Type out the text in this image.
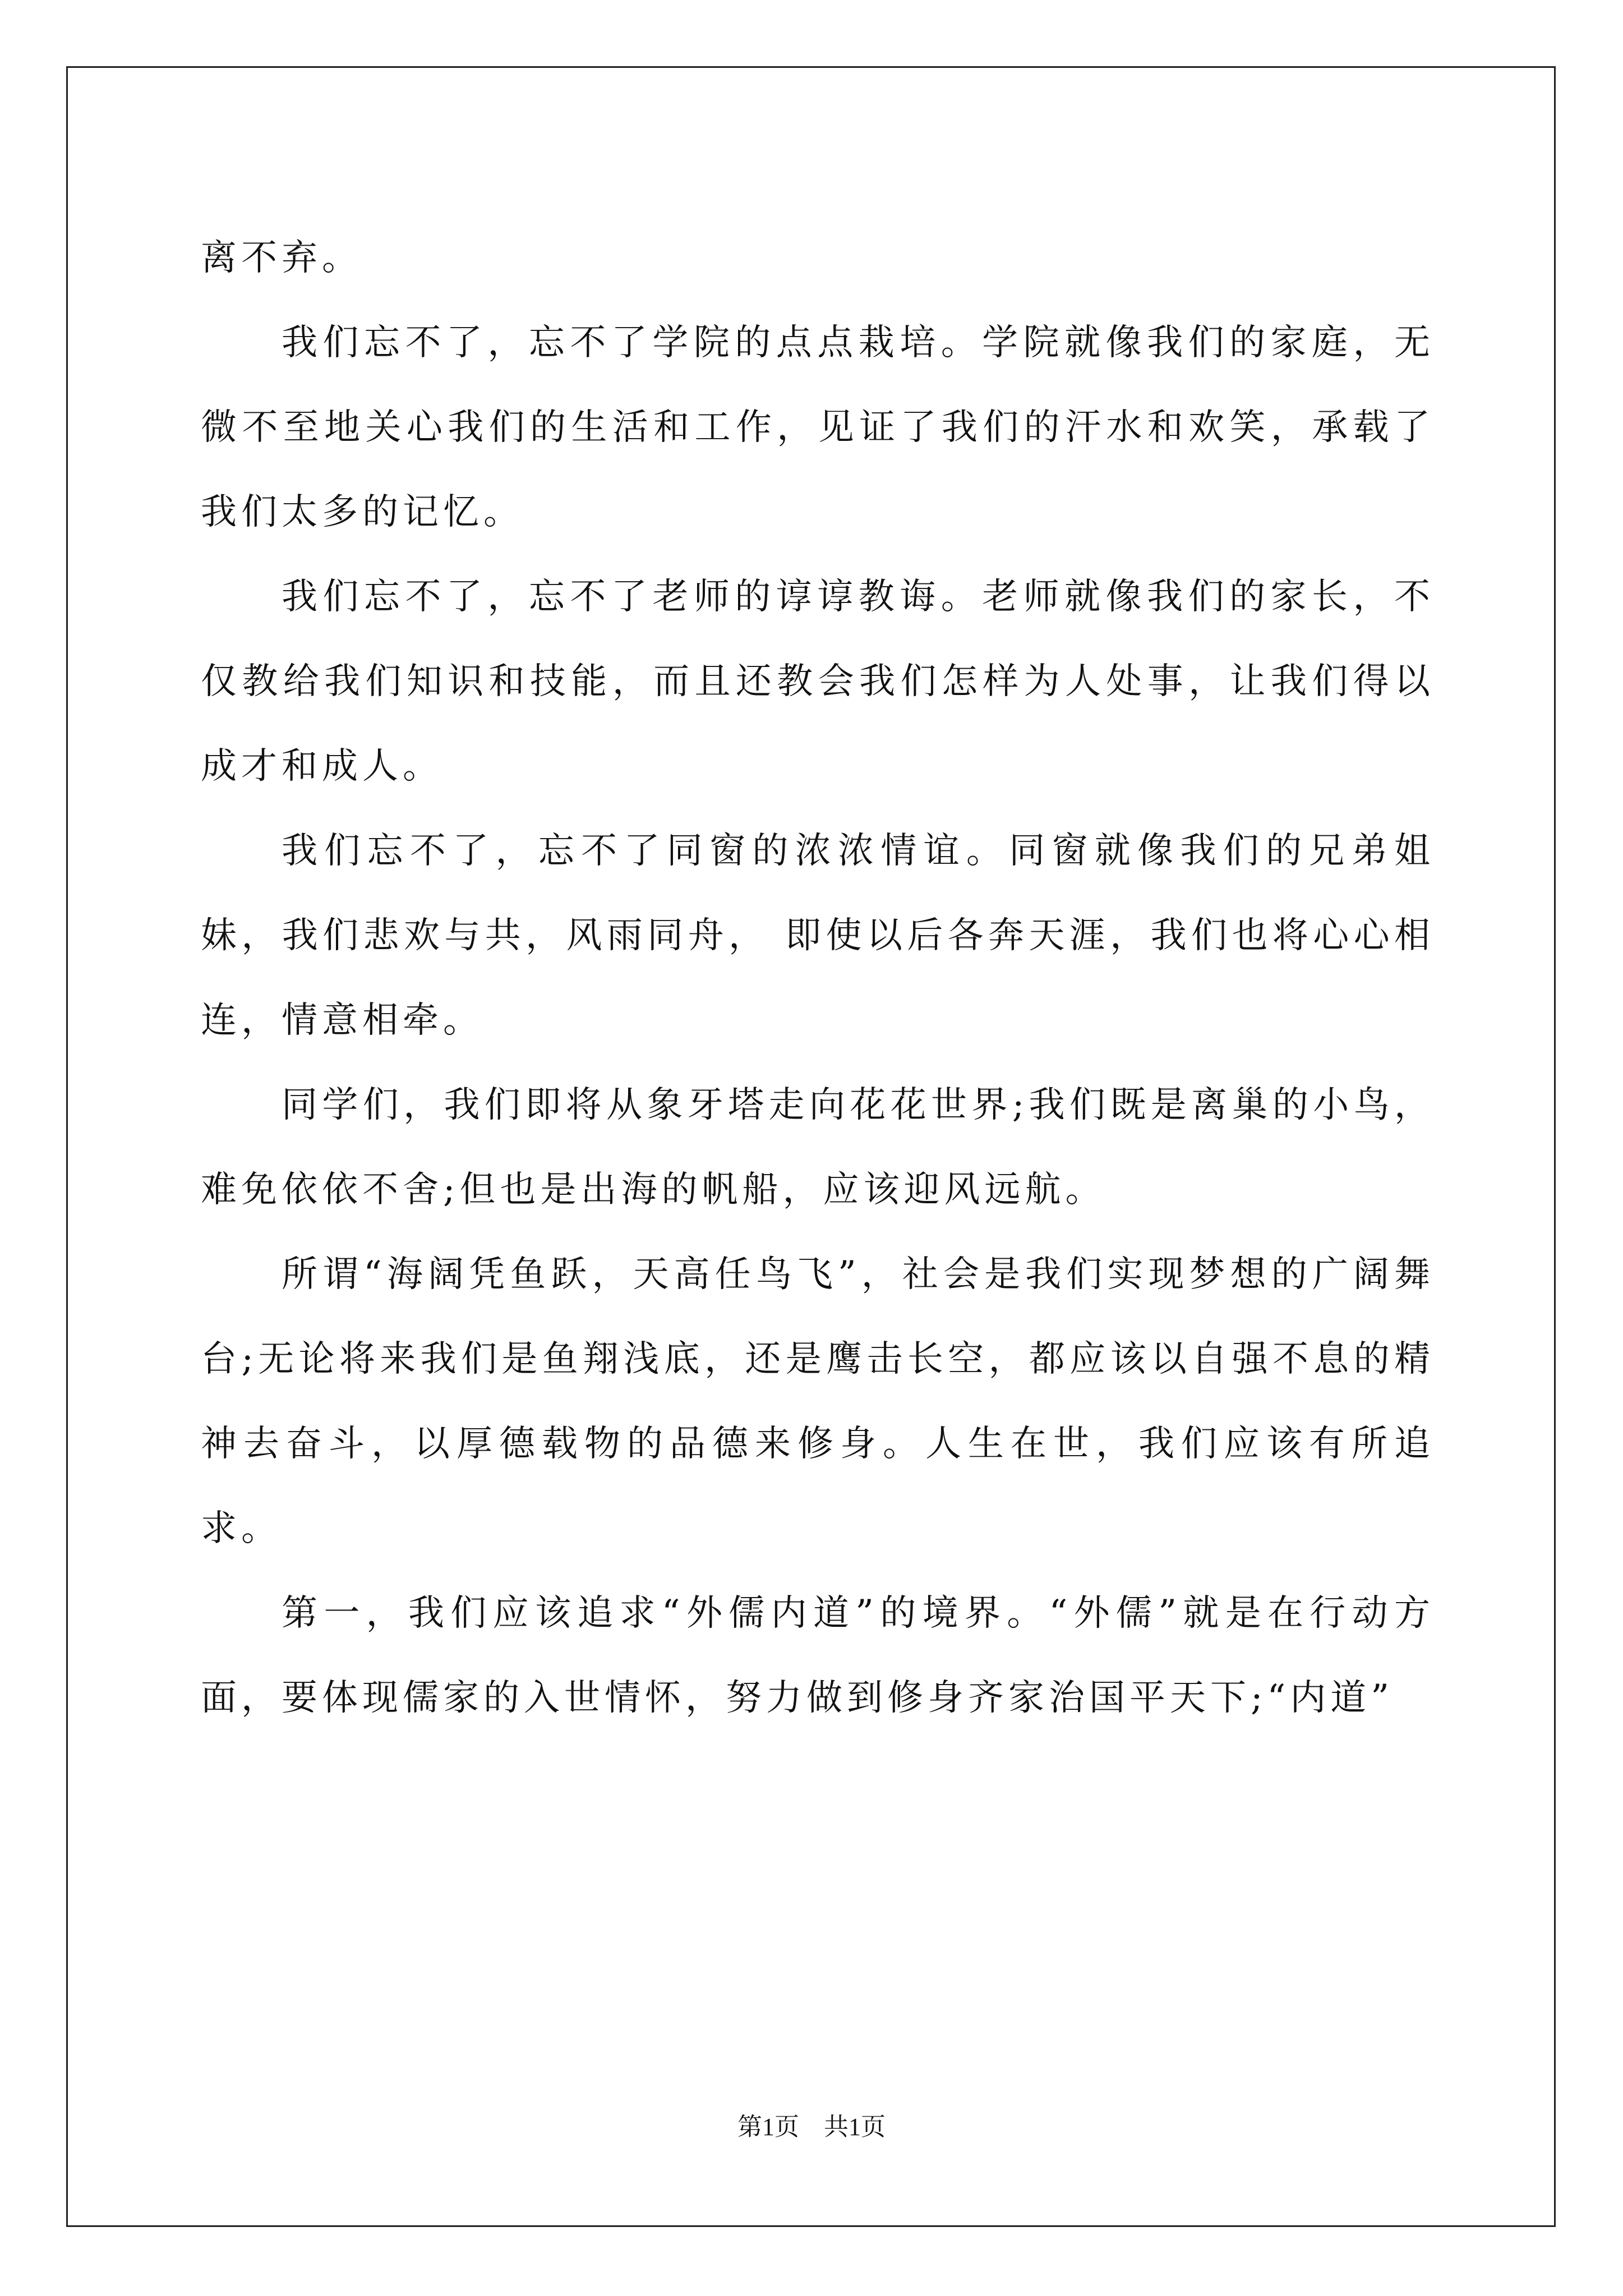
离不弃。

我们忘不了，忘不了学院的点点栽培。学院就像我们的家庭，无微不至地关心我们的生活和工作，见证了我们的汗水和欢笑，承载了我们太多的记忆。

我们忘不了，忘不了老师的谆谆教诲。老师就像我们的家长，不仅教给我们知识和技能，而且还教会我们怎样为人处事，让我们得以成才和成人。

我们忘不了，忘不了同窗的浓浓情谊。同窗就像我们的兄弟姐妹，我们悲欢与共，风雨同舟， 即使以后各奔天涯，我们也将心心相连，情意相牵。

同学们，我们即将从象牙塔走向花花世界;我们既是离巢的小鸟，难免依依不舍;但也是出海的帆船，应该迎风远航。

所谓“海阔凭鱼跃，天高任鸟飞”，社会是我们实现梦想的广阔舞台;无论将来我们是鱼翔浅底，还是鹰击长空，都应该以自强不息的精神去奋斗，以厚德载物的品德来修身。人生在世，我们应该有所追求。

第一，我们应该追求“外儒内道”的境界。“外儒”就是在行动方面，要体现儒家的入世情怀，努力做到修身齐家治国平天下;“内道”

第1页　共1页
